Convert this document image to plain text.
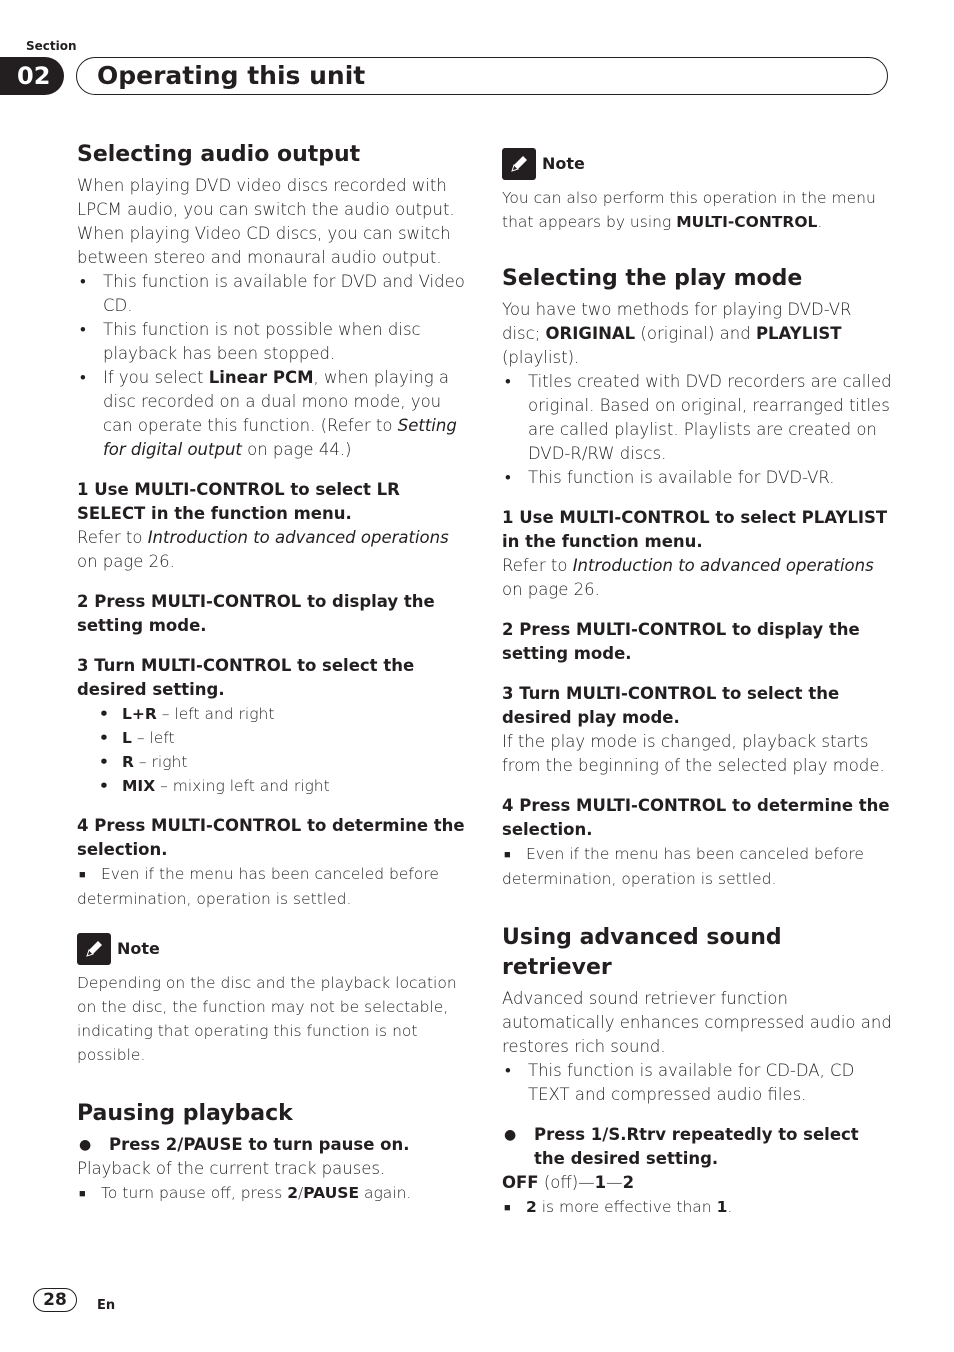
Section
02	Operating this unit
Selecting audio output

When playing DVD video discs recorded with LPCM audio, you can switch the audio output. When playing Video CD discs, you can switch between stereo and monaural audio output.

• This function is available for DVD and Video CD.

• This function is not possible when disc playback has been stopped.

• If you select Linear PCM, when playing a disc recorded on a dual mono mode, you can operate this function. (Refer to Setting for digital output on page 44.)

1 Use MULTI-CONTROL to select LR SELECT in the function menu.

Refer to Introduction to advanced operations on page 26.

2 Press MULTI-CONTROL to display the setting mode.

3 Turn MULTI-CONTROL to select the desired setting.

• L+R – left and right

• L – left

• R – right

• MIX – mixing left and right

4 Press MULTI-CONTROL to determine the selection.

■ Even if the menu has been canceled before determination, operation is settled.

Note

Depending on the disc and the playback location on the disc, the function may not be selectable, indicating that operating this function is not possible.

Pausing playback

● Press 2/PAUSE to turn pause on.

Playback of the current track pauses.

■ To turn pause off, press 2/PAUSE again.

Note

You can also perform this operation in the menu that appears by using MULTI-CONTROL.

Selecting the play mode

You have two methods for playing DVD-VR disc; ORIGINAL (original) and PLAYLIST (playlist).

• Titles created with DVD recorders are called original. Based on original, rearranged titles are called playlist. Playlists are created on DVD-R/RW discs.

• This function is available for DVD-VR.

1 Use MULTI-CONTROL to select PLAYLIST in the function menu.

Refer to Introduction to advanced operations on page 26.

2 Press MULTI-CONTROL to display the setting mode.

3 Turn MULTI-CONTROL to select the desired play mode.

If the play mode is changed, playback starts from the beginning of the selected play mode.

4 Press MULTI-CONTROL to determine the selection.

■ Even if the menu has been canceled before determination, operation is settled.

Using advanced sound retriever

Advanced sound retriever function automatically enhances compressed audio and restores rich sound.

• This function is available for CD-DA, CD TEXT and compressed audio files.

● Press 1/S.Rtrv repeatedly to select the desired setting.

OFF (off)—1—2

■ 2 is more effective than 1.

28	En
